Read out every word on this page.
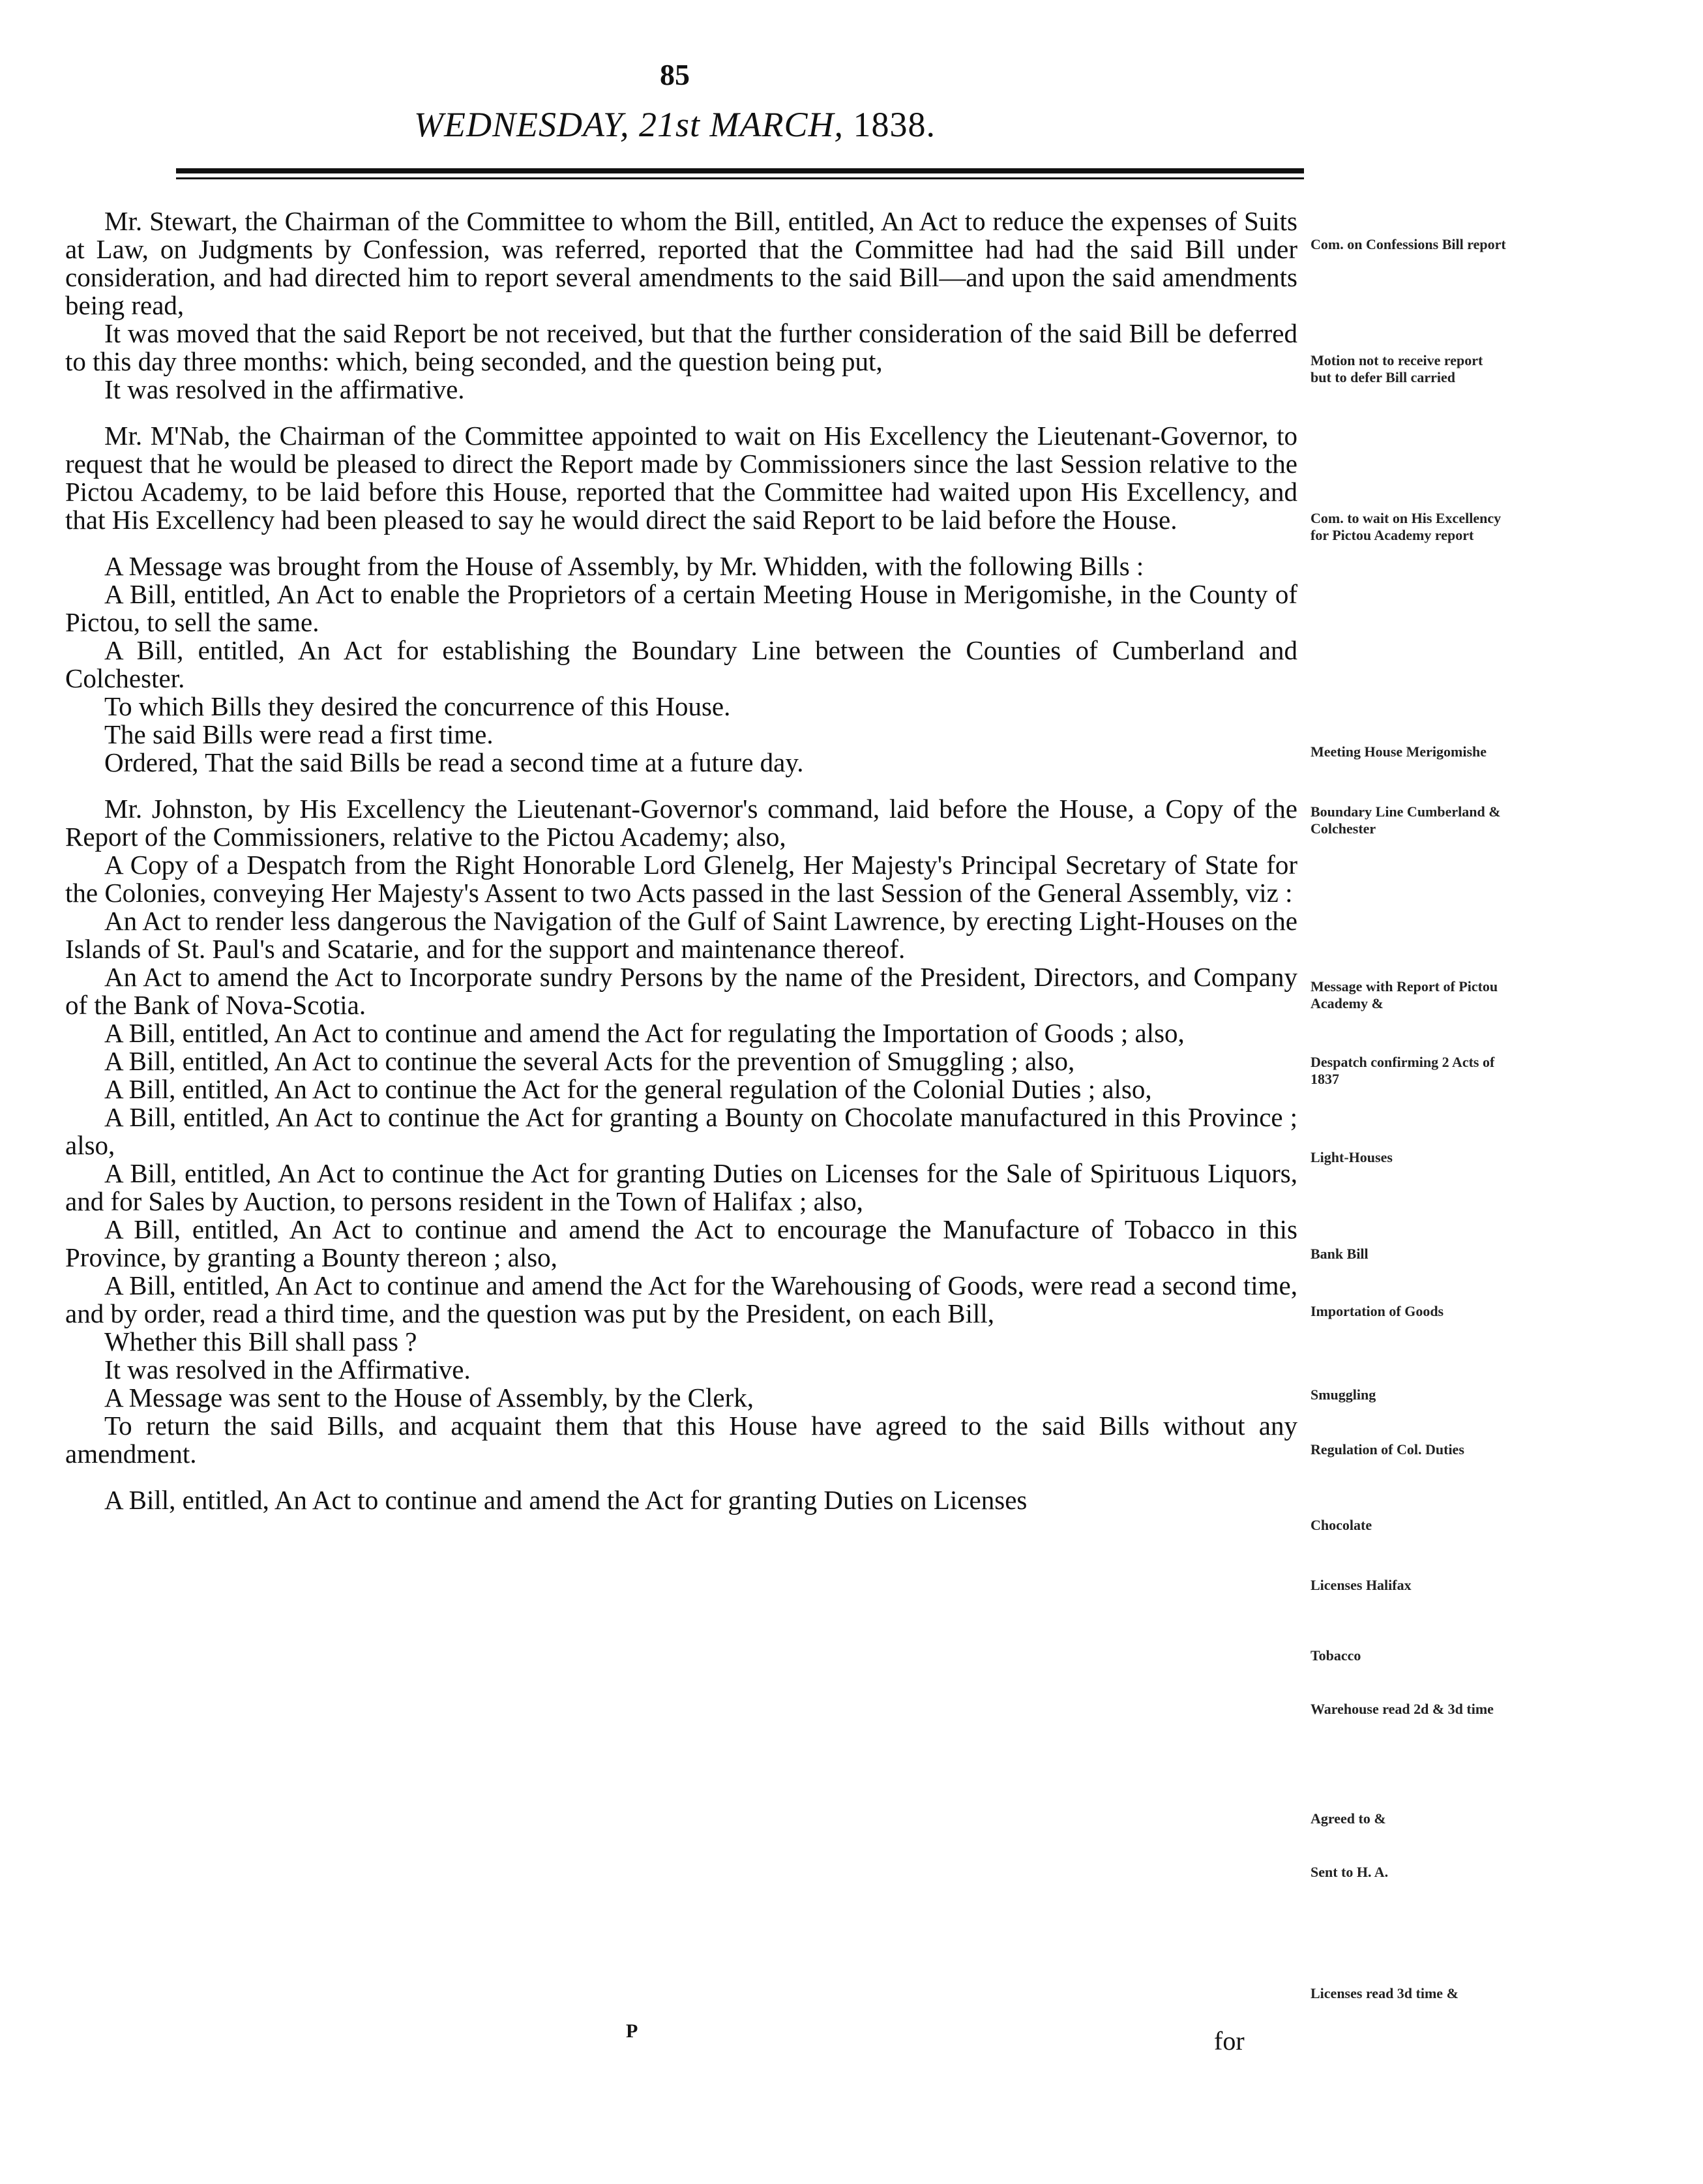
85
WEDNESDAY, 21st MARCH, 1838.

Mr. Stewart, the Chairman of the Committee to whom the Bill, entitled, An Act to reduce the expenses of Suits at Law, on Judgments by Confession, was referred, reported that the Committee had had the said Bill under consideration, and had directed him to report several amendments to the said Bill—and upon the said amendments being read,

It was moved that the said Report be not received, but that the further consideration of the said Bill be deferred to this day three months: which, being seconded, and the question being put,

It was resolved in the affirmative.

Mr. M'Nab, the Chairman of the Committee appointed to wait on His Excellency the Lieutenant-Governor, to request that he would be pleased to direct the Report made by Commissioners since the last Session relative to the Pictou Academy, to be laid before this House, reported that the Committee had waited upon His Excellency, and that His Excellency had been pleased to say he would direct the said Report to be laid before the House.

A Message was brought from the House of Assembly, by Mr. Whidden, with the following Bills :

A Bill, entitled, An Act to enable the Proprietors of a certain Meeting House in Merigomishe, in the County of Pictou, to sell the same.

A Bill, entitled, An Act for establishing the Boundary Line between the Counties of Cumberland and Colchester.

To which Bills they desired the concurrence of this House.

The said Bills were read a first time.

Ordered, That the said Bills be read a second time at a future day.

Mr. Johnston, by His Excellency the Lieutenant-Governor's command, laid before the House, a Copy of the Report of the Commissioners, relative to the Pictou Academy; also,

A Copy of a Despatch from the Right Honorable Lord Glenelg, Her Majesty's Principal Secretary of State for the Colonies, conveying Her Majesty's Assent to two Acts passed in the last Session of the General Assembly, viz :

An Act to render less dangerous the Navigation of the Gulf of Saint Lawrence, by erecting Light-Houses on the Islands of St. Paul's and Scatarie, and for the support and maintenance thereof.

An Act to amend the Act to Incorporate sundry Persons by the name of the President, Directors, and Company of the Bank of Nova-Scotia.

A Bill, entitled, An Act to continue and amend the Act for regulating the Importation of Goods ; also,

A Bill, entitled, An Act to continue the several Acts for the prevention of Smuggling ; also,

A Bill, entitled, An Act to continue the Act for the general regulation of the Colonial Duties ; also,

A Bill, entitled, An Act to continue the Act for granting a Bounty on Chocolate manufactured in this Province ; also,

A Bill, entitled, An Act to continue the Act for granting Duties on Licenses for the Sale of Spirituous Liquors, and for Sales by Auction, to persons resident in the Town of Halifax ; also,

A Bill, entitled, An Act to continue and amend the Act to encourage the Manufacture of Tobacco in this Province, by granting a Bounty thereon ; also,

A Bill, entitled, An Act to continue and amend the Act for the Warehousing of Goods, were read a second time, and by order, read a third time, and the question was put by the President, on each Bill,

Whether this Bill shall pass ?

It was resolved in the Affirmative.

A Message was sent to the House of Assembly, by the Clerk,

To return the said Bills, and acquaint them that this House have agreed to the said Bills without any amendment.

A Bill, entitled, An Act to continue and amend the Act for granting Duties on Licenses

Com. on Confessions Bill report
Motion not to receive report but to defer Bill carried
Com. to wait on His Excellency for Pictou Academy report
Meeting House Merigomishe
Boundary Line Cumberland & Colchester
Message with Report of Pictou Academy &
Despatch confirming 2 Acts of 1837
Light-Houses
Bank Bill
Importation of Goods
Smuggling
Regulation of Col. Duties
Chocolate
Licenses Halifax
Tobacco
Warehouse read 2d & 3d time
Agreed to &
Sent to H. A.
Licenses read 3d time &
P	for
